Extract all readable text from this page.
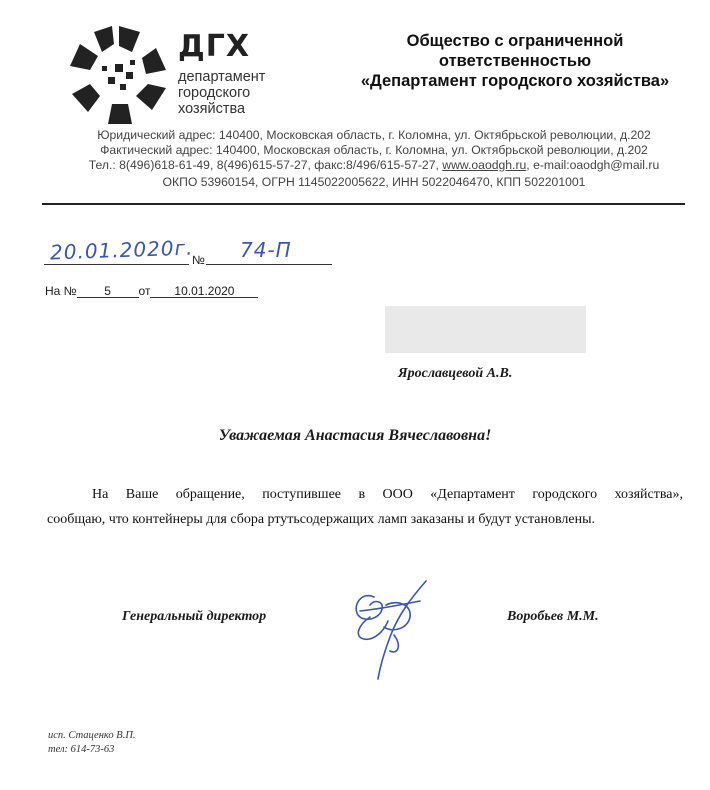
ДГХ
департамент
городского
хозяйства
Общество с ограниченной
ответственностью
«Департамент городского хозяйства»
Юридический адрес: 140400, Московская область, г. Коломна, ул. Октябрьской революции, д.202
Фактический адрес: 140400, Московская область, г. Коломна, ул. Октябрьской революции, д.202
Тел.: 8(496)618-61-49, 8(496)615-57-27, факс:8/496/615-57-27, www.oaodgh.ru, e-mail:oaodgh@mail.ru
ОКПО 53960154, ОГРН 1145022005622, ИНН 5022046470, КПП 502201001
20.01.2020г.
№ 74-П
На № 5 от 10.01.2020
Ярославцевой А.В.
Уважаемая Анастасия Вячеславовна!
На Ваше обращение, поступившее в ООО «Департамент городского хозяйства»,
сообщаю, что контейнеры для сбора ртутьсодержащих ламп заказаны и будут установлены.
Генеральный директор	Воробьев М.М.
исп. Стаценко В.П.
тел: 614-73-63
